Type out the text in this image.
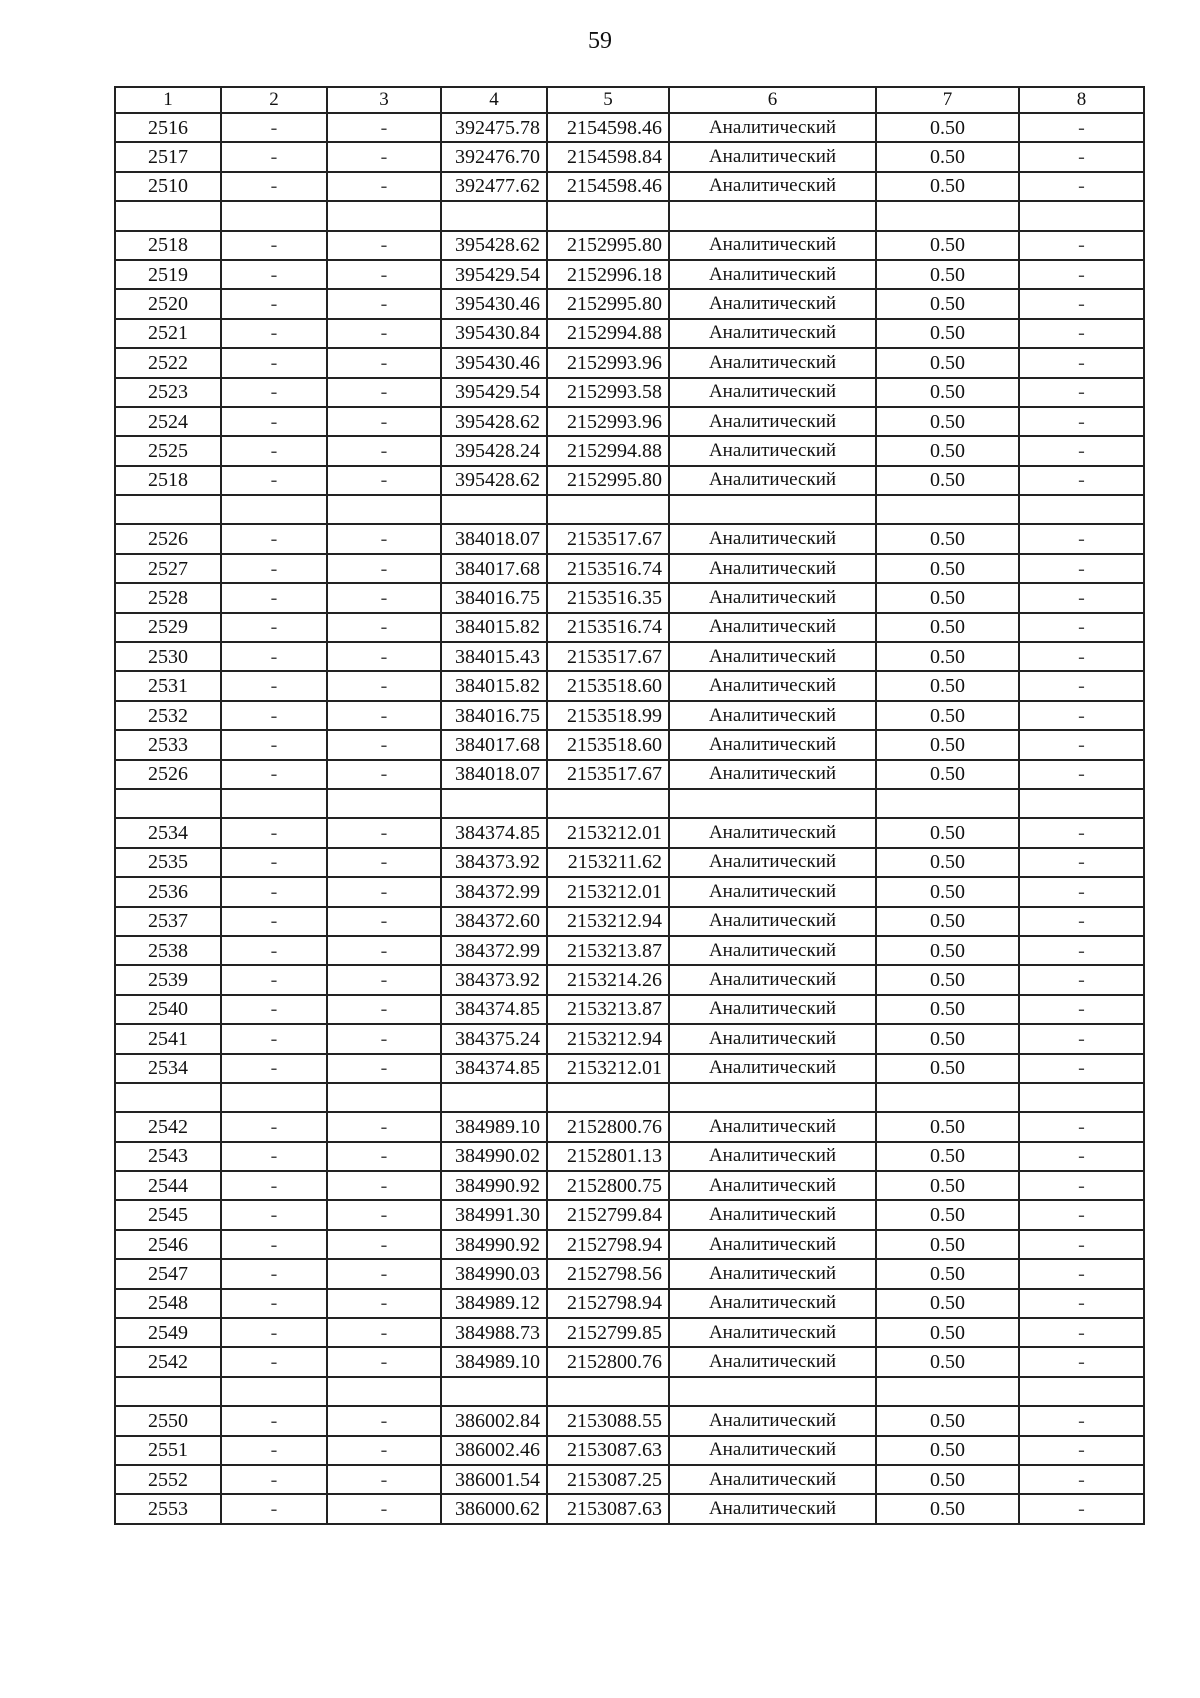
59
1	2	3	4	5	6	7	8
2516	-	-	392475.78	2154598.46	Аналитический	0.50	-
2517	-	-	392476.70	2154598.84	Аналитический	0.50	-
2510	-	-	392477.62	2154598.46	Аналитический	0.50	-

2518	-	-	395428.62	2152995.80	Аналитический	0.50	-
2519	-	-	395429.54	2152996.18	Аналитический	0.50	-
2520	-	-	395430.46	2152995.80	Аналитический	0.50	-
2521	-	-	395430.84	2152994.88	Аналитический	0.50	-
2522	-	-	395430.46	2152993.96	Аналитический	0.50	-
2523	-	-	395429.54	2152993.58	Аналитический	0.50	-
2524	-	-	395428.62	2152993.96	Аналитический	0.50	-
2525	-	-	395428.24	2152994.88	Аналитический	0.50	-
2518	-	-	395428.62	2152995.80	Аналитический	0.50	-

2526	-	-	384018.07	2153517.67	Аналитический	0.50	-
2527	-	-	384017.68	2153516.74	Аналитический	0.50	-
2528	-	-	384016.75	2153516.35	Аналитический	0.50	-
2529	-	-	384015.82	2153516.74	Аналитический	0.50	-
2530	-	-	384015.43	2153517.67	Аналитический	0.50	-
2531	-	-	384015.82	2153518.60	Аналитический	0.50	-
2532	-	-	384016.75	2153518.99	Аналитический	0.50	-
2533	-	-	384017.68	2153518.60	Аналитический	0.50	-
2526	-	-	384018.07	2153517.67	Аналитический	0.50	-

2534	-	-	384374.85	2153212.01	Аналитический	0.50	-
2535	-	-	384373.92	2153211.62	Аналитический	0.50	-
2536	-	-	384372.99	2153212.01	Аналитический	0.50	-
2537	-	-	384372.60	2153212.94	Аналитический	0.50	-
2538	-	-	384372.99	2153213.87	Аналитический	0.50	-
2539	-	-	384373.92	2153214.26	Аналитический	0.50	-
2540	-	-	384374.85	2153213.87	Аналитический	0.50	-
2541	-	-	384375.24	2153212.94	Аналитический	0.50	-
2534	-	-	384374.85	2153212.01	Аналитический	0.50	-

2542	-	-	384989.10	2152800.76	Аналитический	0.50	-
2543	-	-	384990.02	2152801.13	Аналитический	0.50	-
2544	-	-	384990.92	2152800.75	Аналитический	0.50	-
2545	-	-	384991.30	2152799.84	Аналитический	0.50	-
2546	-	-	384990.92	2152798.94	Аналитический	0.50	-
2547	-	-	384990.03	2152798.56	Аналитический	0.50	-
2548	-	-	384989.12	2152798.94	Аналитический	0.50	-
2549	-	-	384988.73	2152799.85	Аналитический	0.50	-
2542	-	-	384989.10	2152800.76	Аналитический	0.50	-

2550	-	-	386002.84	2153088.55	Аналитический	0.50	-
2551	-	-	386002.46	2153087.63	Аналитический	0.50	-
2552	-	-	386001.54	2153087.25	Аналитический	0.50	-
2553	-	-	386000.62	2153087.63	Аналитический	0.50	-
